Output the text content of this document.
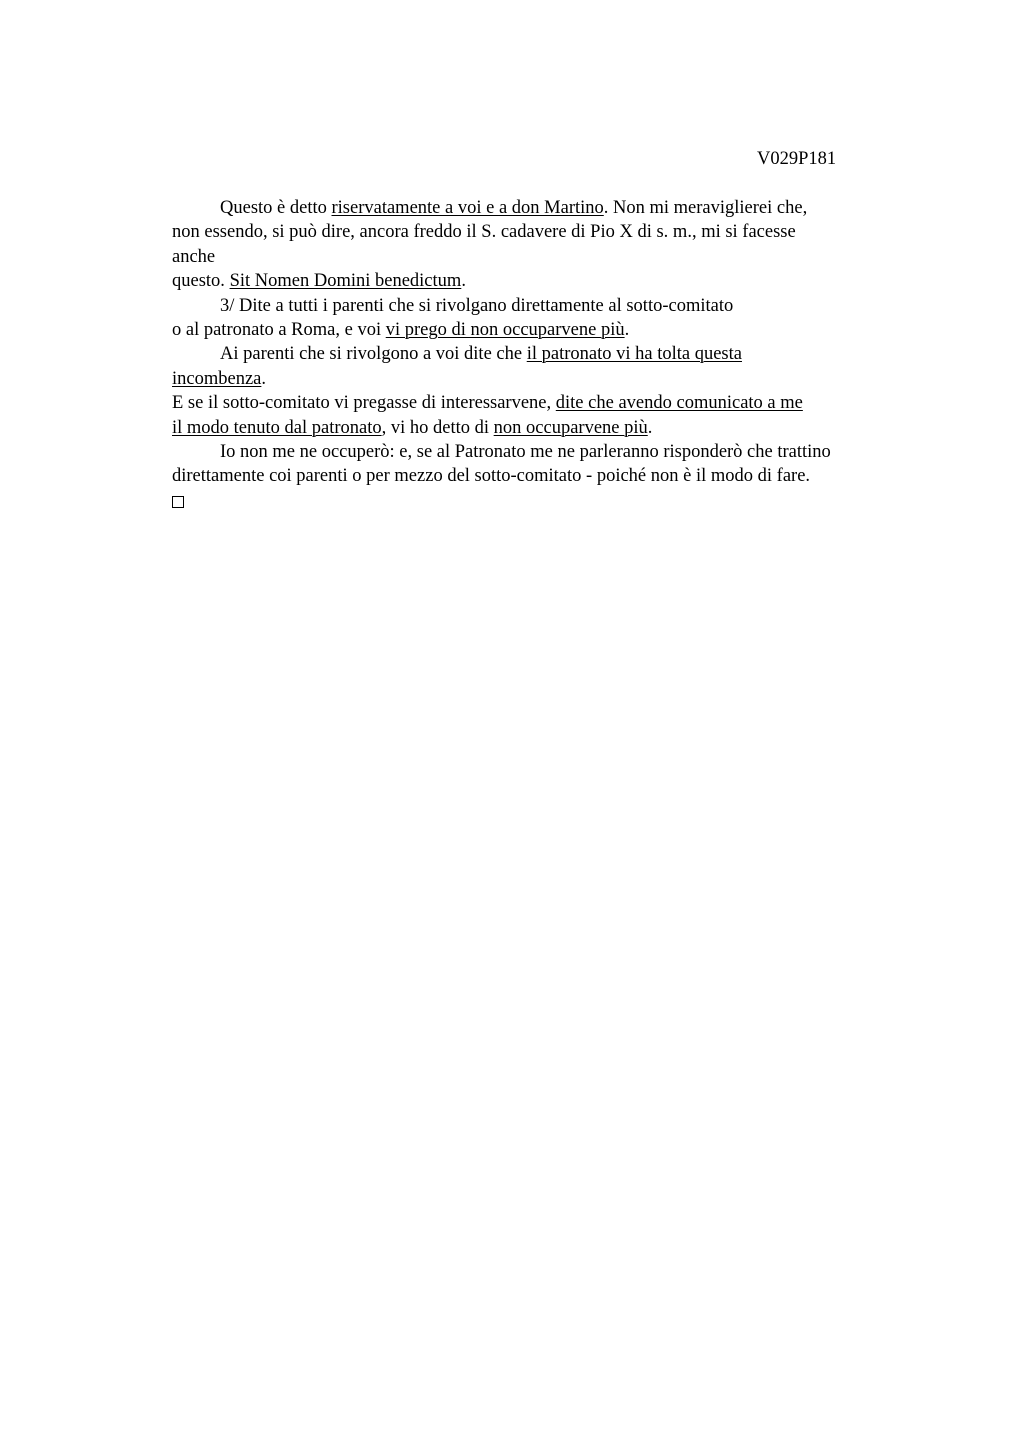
V029P181
Questo è detto riservatamente a voi e a don Martino. Non mi meraviglierei che,
non essendo, si può dire, ancora freddo il S. cadavere di Pio X di s. m., mi si facesse
anche
questo. Sit Nomen Domini benedictum.
3/ Dite a tutti i parenti che si rivolgano direttamente al sotto-comitato
o al patronato a Roma, e voi vi prego di non occuparvene più.
Ai parenti che si rivolgono a voi dite che il patronato vi ha tolta questa
incombenza.
E se il sotto-comitato vi pregasse di interessarvene, dite che avendo comunicato a me
il modo tenuto dal patronato, vi ho detto di non occuparvene più.
Io non me ne occuperò: e, se al Patronato me ne parleranno risponderò che trattino
direttamente coi parenti o per mezzo del sotto-comitato - poiché non è il modo di fare.
